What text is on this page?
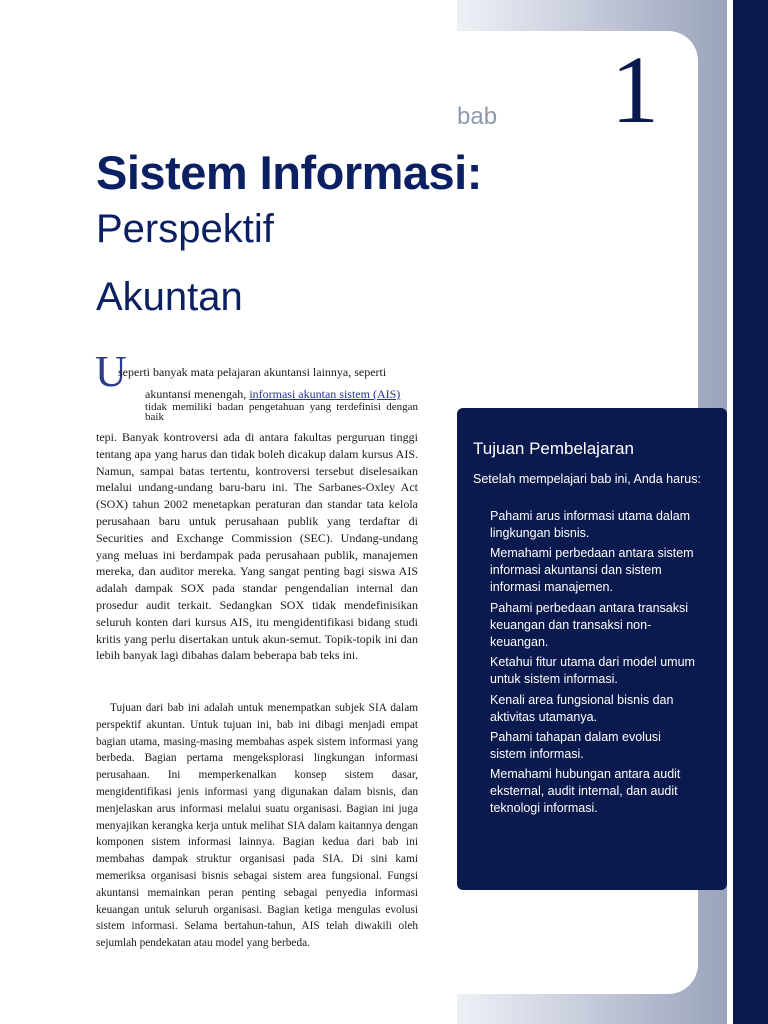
bab 1
Sistem Informasi:
Perspektif
Akuntan
U

seperti banyak mata pelajaran akuntansi lainnya, seperti

akuntansi menengah, informasi akuntan sistem (AIS)

tidak memiliki badan pengetahuan yang terdefinisi dengan baik

tepi. Banyak kontroversi ada di antara fakultas perguruan tinggi tentang apa yang harus dan tidak boleh dicakup dalam kursus AIS. Namun, sampai batas tertentu, kontroversi tersebut diselesaikan melalui undang-undang baru-baru ini. The Sarbanes-Oxley Act (SOX) tahun 2002 menetapkan peraturan dan standar tata kelola perusahaan baru untuk perusahaan publik yang terdaftar di Securities and Exchange Commission (SEC). Undang-undang yang meluas ini berdampak pada perusahaan publik, manajemen mereka, dan auditor mereka. Yang sangat penting bagi siswa AIS adalah dampak SOX pada standar pengendalian internal dan prosedur audit terkait. Sedangkan SOX tidak mendefinisikan seluruh konten dari kursus AIS, itu mengidentifikasi bidang studi kritis yang perlu disertakan untuk akun-semut. Topik-topik ini dan lebih banyak lagi dibahas dalam beberapa bab teks ini.

Tujuan dari bab ini adalah untuk menempatkan subjek SIA dalam perspektif akuntan. Untuk tujuan ini, bab ini dibagi menjadi empat bagian utama, masing-masing membahas aspek sistem informasi yang berbeda. Bagian pertama mengeksplorasi lingkungan informasi perusahaan. Ini memperkenalkan konsep sistem dasar, mengidentifikasi jenis informasi yang digunakan dalam bisnis, dan menjelaskan arus informasi melalui suatu organisasi. Bagian ini juga menyajikan kerangka kerja untuk melihat SIA dalam kaitannya dengan komponen sistem informasi lainnya. Bagian kedua dari bab ini membahas dampak struktur organisasi pada SIA. Di sini kami memeriksa organisasi bisnis sebagai sistem area fungsional. Fungsi akuntansi memainkan peran penting sebagai penyedia informasi keuangan untuk seluruh organisasi. Bagian ketiga mengulas evolusi sistem informasi. Selama bertahun-tahun, AIS telah diwakili oleh sejumlah pendekatan atau model yang berbeda.

Tujuan Pembelajaran

Setelah mempelajari bab ini, Anda harus:

Pahami arus informasi utama dalam lingkungan bisnis.
Memahami perbedaan antara sistem informasi akuntansi dan sistem informasi manajemen.
Pahami perbedaan antara transaksi keuangan dan transaksi non-keuangan.
Ketahui fitur utama dari model umum untuk sistem informasi.
Kenali area fungsional bisnis dan aktivitas utamanya.
Pahami tahapan dalam evolusi sistem informasi.
Memahami hubungan antara audit eksternal, audit internal, dan audit teknologi informasi.
